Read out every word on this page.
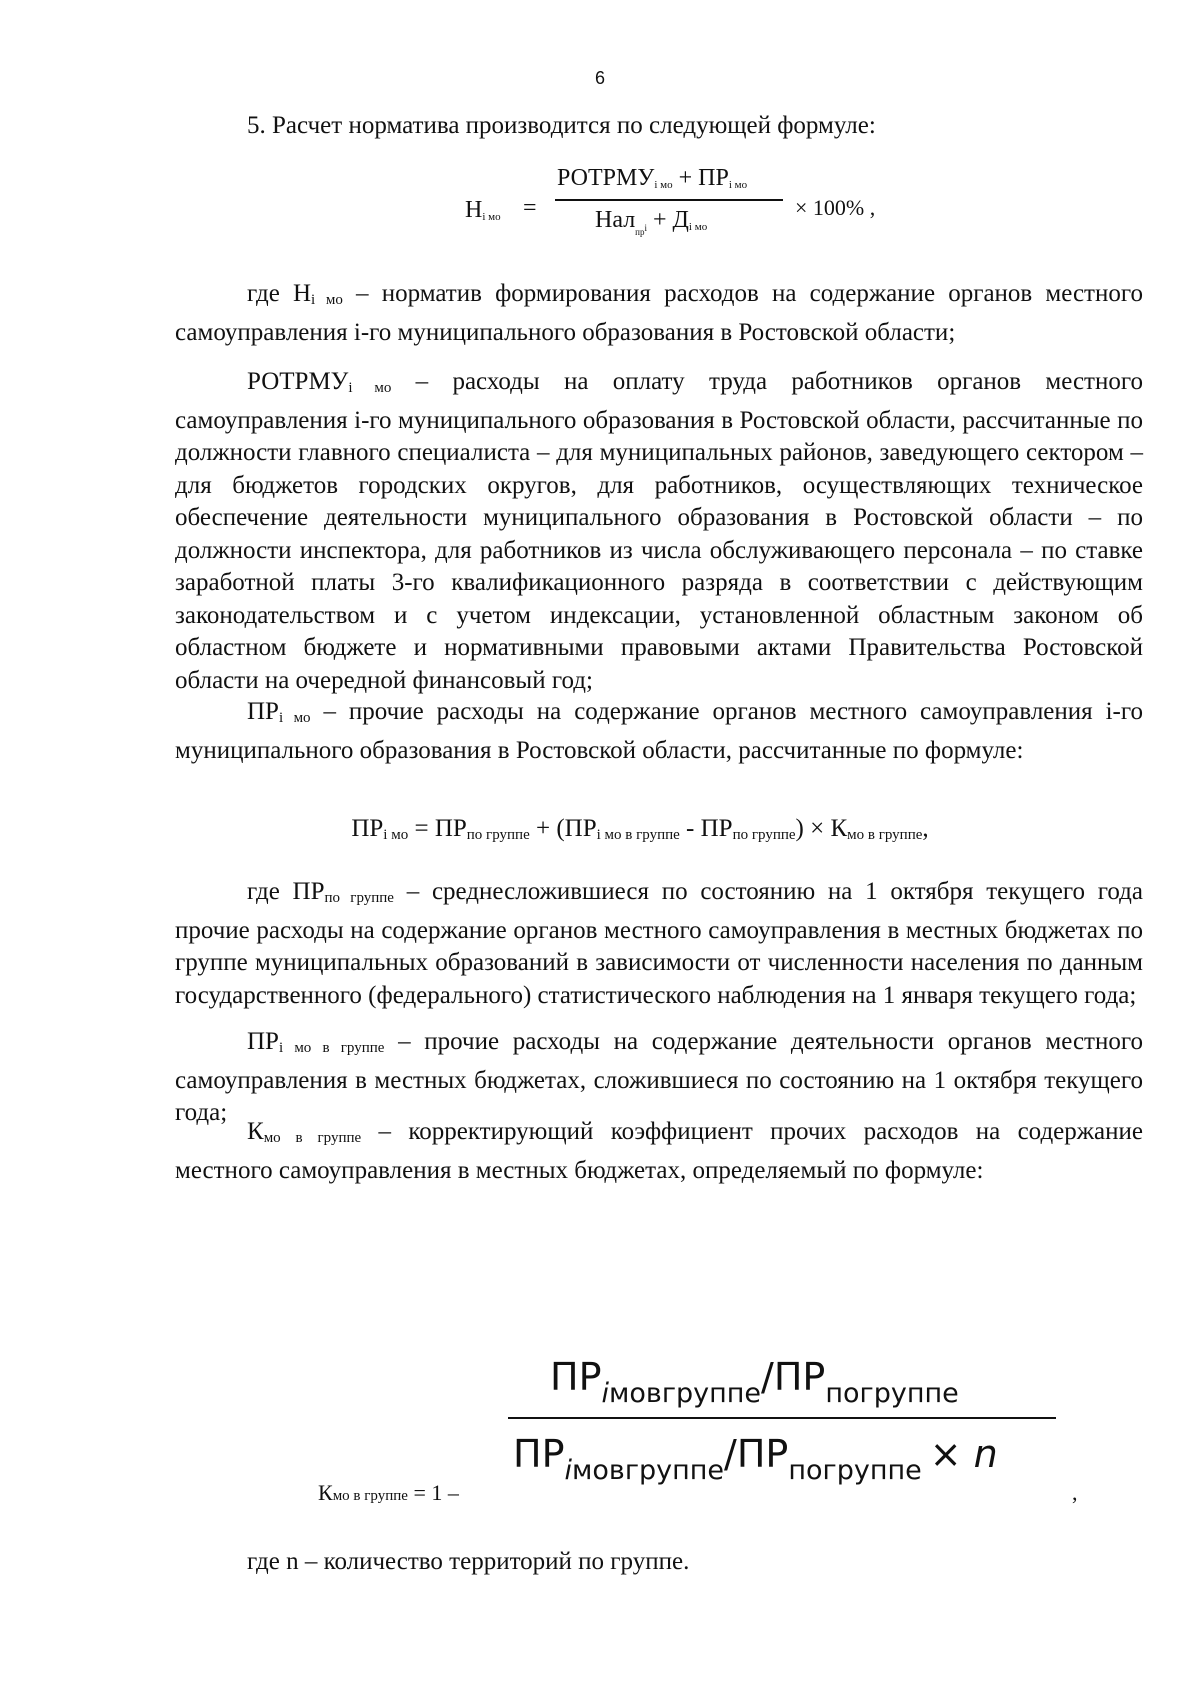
6

5. Расчет норматива производится по следующей формуле:

Нi мо =
РОТРМУi мо + ПРi мо
Нал$_{пр}$i + Дi мо
× 100% ,

где $Н_{i мо}$ – норматив формирования расходов на содержание органов местного самоуправления i-го муниципального образования в Ростовской области;

$РОТРМУ_{i мо}$ – расходы на оплату труда работников органов местного самоуправления i-го муниципального образования в Ростовской области, рассчитанные по должности главного специалиста – для муниципальных районов, заведующего сектором – для бюджетов городских округов, для работников, осуществляющих техническое обеспечение деятельности муниципального образования в Ростовской области – по должности инспектора, для работников из числа обслуживающего персонала – по ставке заработной платы 3-го квалификационного разряда в соответствии с действующим законодательством и с учетом индексации, установленной областным законом об областном бюджете и нормативными правовыми актами Правительства Ростовской области на очередной финансовый год;

$ПР_{i мо}$ – прочие расходы на содержание органов местного самоуправления i-го муниципального образования в Ростовской области, рассчитанные по формуле:

$ПР_{i мо} = ПР_{по группе} + (ПР_{i мо в группе} - ПР_{по группе}) \times К_{мо в группе}$,

где $ПР_{по группе}$ – среднесложившиеся по состоянию на 1 октября текущего года прочие расходы на содержание органов местного самоуправления в местных бюджетах по группе муниципальных образований в зависимости от численности населения по данным государственного (федерального) статистического наблюдения на 1 января текущего года;

$ПР_{i мо в группе}$ – прочие расходы на содержание деятельности органов местного самоуправления в местных бюджетах, сложившиеся по состоянию на 1 октября текущего года;

$К_{мо в группе}$ – корректирующий коэффициент прочих расходов на содержание местного самоуправления в местных бюджетах, определяемый по формуле:

$ПР_{iмовгруппе}/ПР_{погруппе}$
$ПР_{iмовгруппе}/ПР_{погруппе} \times n$
Кмо в группе = 1 –	,

где n – количество территорий по группе.
